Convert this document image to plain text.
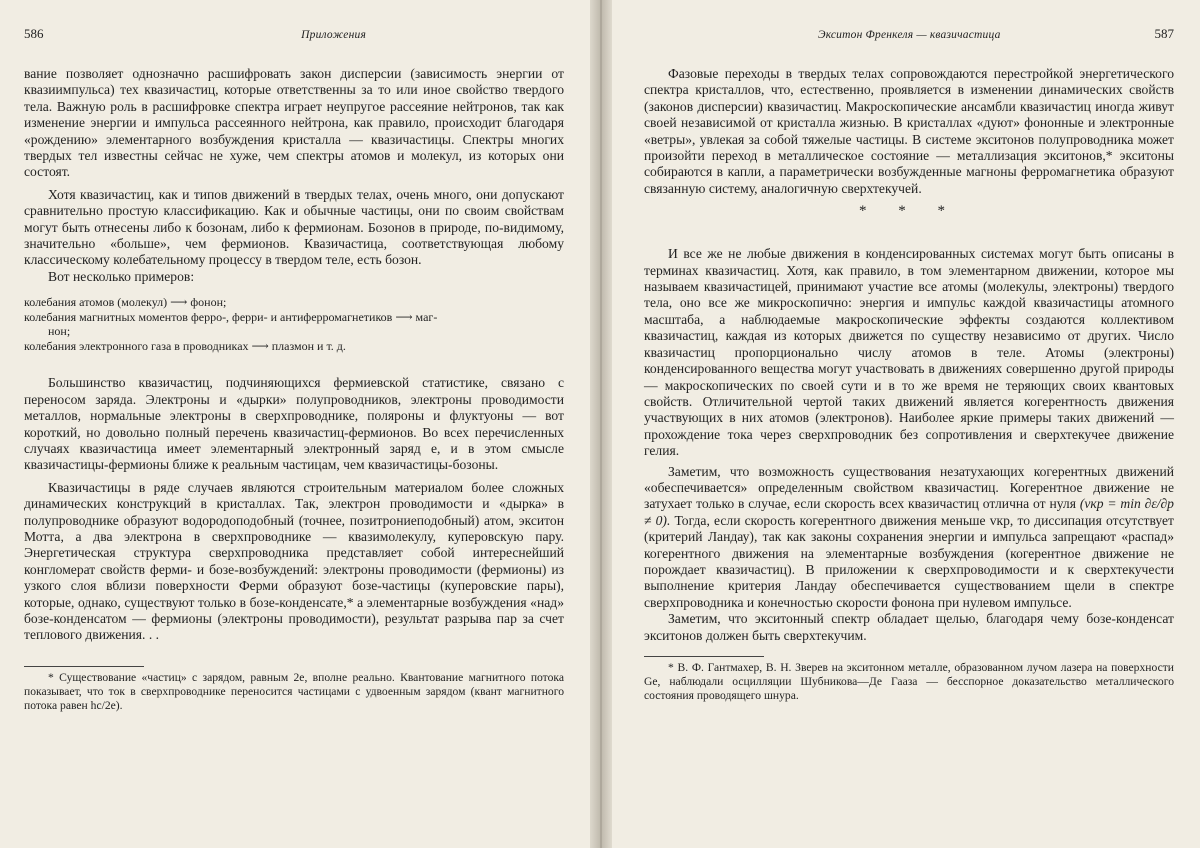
586	Приложения

вание позволяет однозначно расшифровать закон дисперсии (зависимость энергии от квазиимпульса) тех квазичастиц, которые ответственны за то или иное свойство твердого тела. Важную роль в расшифровке спектра играет неупругое рассеяние нейтронов, так как изменение энергии и импульса рассеянного нейтрона, как правило, происходит благодаря «рождению» элементарного возбуждения кристалла — квазичастицы. Спектры многих твердых тел известны сейчас не хуже, чем спектры атомов и молекул, из которых они состоят.

Хотя квазичастиц, как и типов движений в твердых телах, очень много, они допускают сравнительно простую классификацию. Как и обычные частицы, они по своим свойствам могут быть отнесены либо к бозонам, либо к фермионам. Бозонов в природе, по-видимому, значительно «больше», чем фермионов. Квазичастица, соответствующая любому классическому колебательному процессу в твердом теле, есть бозон.

Вот несколько примеров:

колебания атомов (молекул) ⟶ фонон;
колебания магнитных моментов ферро-, ферри- и антиферромагнетиков ⟶ маг-
нон;
колебания электронного газа в проводниках ⟶ плазмон и т. д.

Большинство квазичастиц, подчиняющихся фермиевской статистике, связано с переносом заряда. Электроны и «дырки» полупроводников, электроны проводимости металлов, нормальные электроны в сверхпроводнике, поляроны и флуктуоны — вот короткий, но довольно полный перечень квазичастиц-фермионов. Во всех перечисленных случаях квазичастица имеет элементарный электронный заряд e, и в этом смысле квазичастицы-фермионы ближе к реальным частицам, чем квазичастицы-бозоны.

Квазичастицы в ряде случаев являются строительным материалом более сложных динамических конструкций в кристаллах. Так, электрон проводимости и «дырка» в полупроводнике образуют водородоподобный (точнее, позитрониеподобный) атом, экситон Мотта, а два электрона в сверхпроводнике — квазимолекулу, куперовскую пару. Энергетическая структура сверхпроводника представляет собой интереснейший конгломерат свойств ферми- и бозе-возбуждений: электроны проводимости (фермионы) из узкого слоя вблизи поверхности Ферми образуют бозе-частицы (куперовские пары), которые, однако, существуют только в бозе-конденсате,* а элементарные возбуждения «над» бозе-конденсатом — фермионы (электроны проводимости), результат разрыва пар за счет теплового движения. . .

* Существование «частиц» с зарядом, равным 2e, вполне реально. Квантование магнитного потока показывает, что ток в сверхпроводнике переносится частицами с удвоенным зарядом (квант магнитного потока равен hc/2e).
Экситон Френкеля — квазичастица	587

Фазовые переходы в твердых телах сопровождаются перестройкой энергетического спектра кристаллов, что, естественно, проявляется в изменении динамических свойств (законов дисперсии) квазичастиц. Макроскопические ансамбли квазичастиц иногда живут своей независимой от кристалла жизнью. В кристаллах «дуют» фононные и электронные «ветры», увлекая за собой тяжелые частицы. В системе экситонов полупроводника может произойти переход в металлическое состояние — металлизация экситонов,* экситоны собираются в капли, а параметрически возбужденные магноны ферромагнетика образуют связанную систему, аналогичную сверхтекучей.

* * *

И все же не любые движения в конденсированных системах могут быть описаны в терминах квазичастиц. Хотя, как правило, в том элементарном движении, которое мы называем квазичастицей, принимают участие все атомы (молекулы, электроны) твердого тела, оно все же микроскопично: энергия и импульс каждой квазичастицы атомного масштаба, а наблюдаемые макроскопические эффекты создаются коллективом квазичастиц, каждая из которых движется по существу независимо от других. Число квазичастиц пропорционально числу атомов в теле. Атомы (электроны) конденсированного вещества могут участвовать в движениях совершенно другой природы — макроскопических по своей сути и в то же время не теряющих своих квантовых свойств. Отличительной чертой таких движений является когерентность движения участвующих в них атомов (электронов). Наиболее яркие примеры таких движений — прохождение тока через сверхпроводник без сопротивления и сверхтекучее движение гелия.

Заметим, что возможность существования незатухающих когерентных движений «обеспечивается» определенным свойством квазичастиц. Когерентное движение не затухает только в случае, если скорость всех квазичастиц отлична от нуля (vкр = min ∂ε/∂p ≠ 0). Тогда, если скорость когерентного движения меньше vкр, то диссипация отсутствует (критерий Ландау), так как законы сохранения энергии и импульса запрещают «распад» когерентного движения на элементарные возбуждения (когерентное движение не порождает квазичастиц). В приложении к сверхпроводимости и к сверхтекучести выполнение критерия Ландау обеспечивается существованием щели в спектре сверхпроводника и конечностью скорости фонона при нулевом импульсе.

Заметим, что экситонный спектр обладает щелью, благодаря чему бозе-конденсат экситонов должен быть сверхтекучим.

* В. Ф. Гантмахер, В. Н. Зверев на экситонном металле, образованном лучом лазера на поверхности Ge, наблюдали осцилляции Шубникова—Де Гааза — бесспорное доказательство металлического состояния проводящего шнура.
